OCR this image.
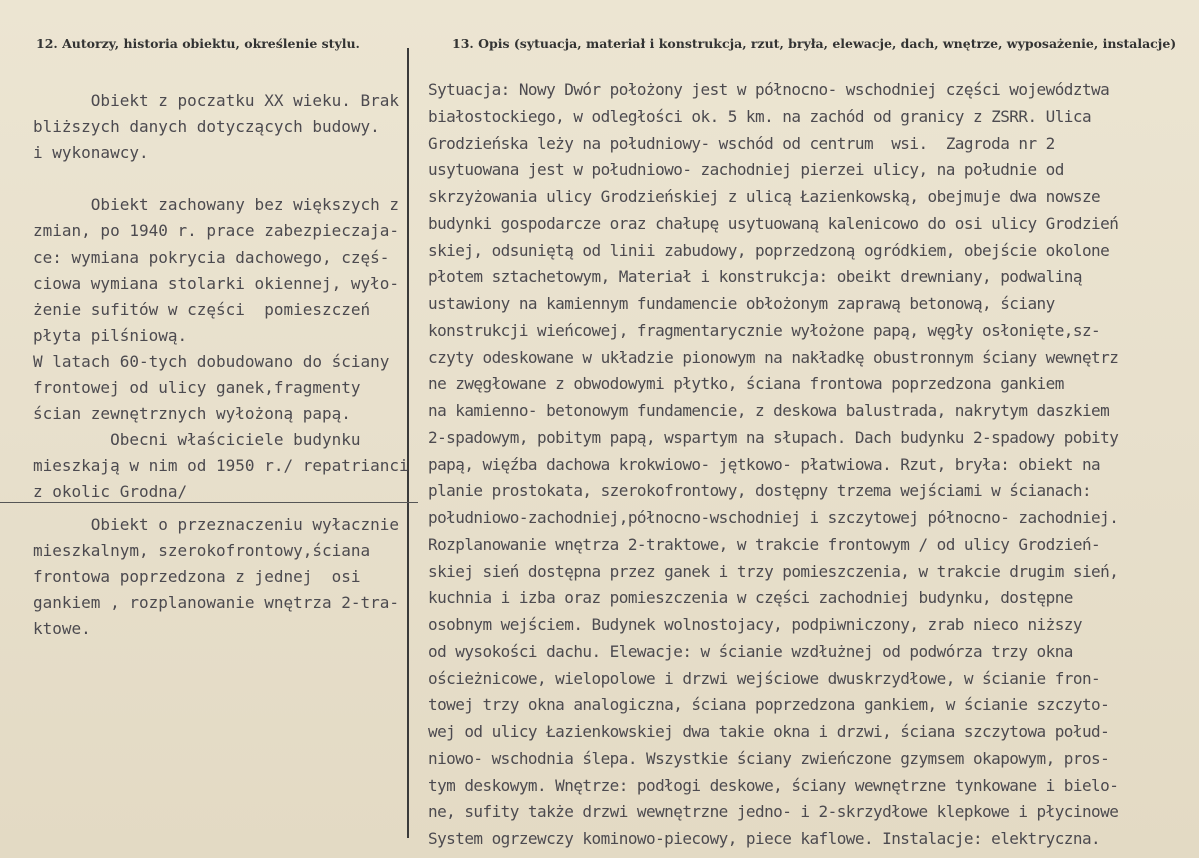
12. Autorzy, historia obiektu, określenie stylu.	13. Opis (sytuacja, materiał i konstrukcja, rzut, bryła, elewacje, dach, wnętrze, wyposażenie, instalacje)
Obiekt z poczatku XX wieku. Brak
bliższych danych dotyczących budowy.
i wykonawcy.

Obiekt zachowany bez większych z
zmian, po 1940 r. prace zabezpieczaja-
ce: wymiana pokrycia dachowego, częś-
ciowa wymiana stolarki okiennej, wyło-
żenie sufitów w części  pomieszczeń
płyta pilśniową.
W latach 60-tych dobudowano do ściany
frontowej od ulicy ganek,fragmenty
ścian zewnętrznych wyłożoną papą.
Obecni właściciele budynku
mieszkają w nim od 1950 r./ repatrianci
z okolic Grodna/
Obiekt o przeznaczeniu wyłacznie
mieszkalnym, szerokofrontowy,ściana
frontowa poprzedzona z jednej  osi
gankiem , rozplanowanie wnętrza 2-tra-
ktowe.
Sytuacja: Nowy Dwór położony jest w północno- wschodniej części województwa
białostockiego, w odległości ok. 5 km. na zachód od granicy z ZSRR. Ulica
Grodzieńska leży na południowy- wschód od centrum  wsi.  Zagroda nr 2
usytuowana jest w południowo- zachodniej pierzei ulicy, na południe od
skrzyżowania ulicy Grodzieńskiej z ulicą Łazienkowską, obejmuje dwa nowsze
budynki gospodarcze oraz chałupę usytuowaną kalenicowo do osi ulicy Grodzień
skiej, odsuniętą od linii zabudowy, poprzedzoną ogródkiem, obejście okolone
płotem sztachetowym, Materiał i konstrukcja: obeikt drewniany, podwaliną
ustawiony na kamiennym fundamencie obłożonym zaprawą betonową, ściany
konstrukcji wieńcowej, fragmentarycznie wyłożone papą, węgły osłonięte,sz-
czyty odeskowane w układzie pionowym na nakładkę obustronnym ściany wewnętrz
ne zwęgłowane z obwodowymi płytko, ściana frontowa poprzedzona gankiem
na kamienno- betonowym fundamencie, z deskowa balustrada, nakrytym daszkiem
2-spadowym, pobitym papą, wspartym na słupach. Dach budynku 2-spadowy pobity
papą, więźba dachowa krokwiowo- jętkowo- płatwiowa. Rzut, bryła: obiekt na
planie prostokata, szerokofrontowy, dostępny trzema wejściami w ścianach:
południowo-zachodniej,północno-wschodniej i szczytowej północno- zachodniej.
Rozplanowanie wnętrza 2-traktowe, w trakcie frontowym / od ulicy Grodzień-
skiej sień dostępna przez ganek i trzy pomieszczenia, w trakcie drugim sień,
kuchnia i izba oraz pomieszczenia w części zachodniej budynku, dostępne
osobnym wejściem. Budynek wolnostojacy, podpiwniczony, zrab nieco niższy
od wysokości dachu. Elewacje: w ścianie wzdłużnej od podwórza trzy okna
ościeżnicowe, wielopolowe i drzwi wejściowe dwuskrzydłowe, w ścianie fron-
towej trzy okna analogiczna, ściana poprzedzona gankiem, w ścianie szczyto-
wej od ulicy Łazienkowskiej dwa takie okna i drzwi, ściana szczytowa połud-
niowo- wschodnia ślepa. Wszystkie ściany zwieńczone gzymsem okapowym, pros-
tym deskowym. Wnętrze: podłogi deskowe, ściany wewnętrzne tynkowane i bielo-
ne, sufity także drzwi wewnętrzne jedno- i 2-skrzydłowe klepkowe i płycinowe
System ogrzewczy kominowo-piecowy, piece kaflowe. Instalacje: elektryczna.
